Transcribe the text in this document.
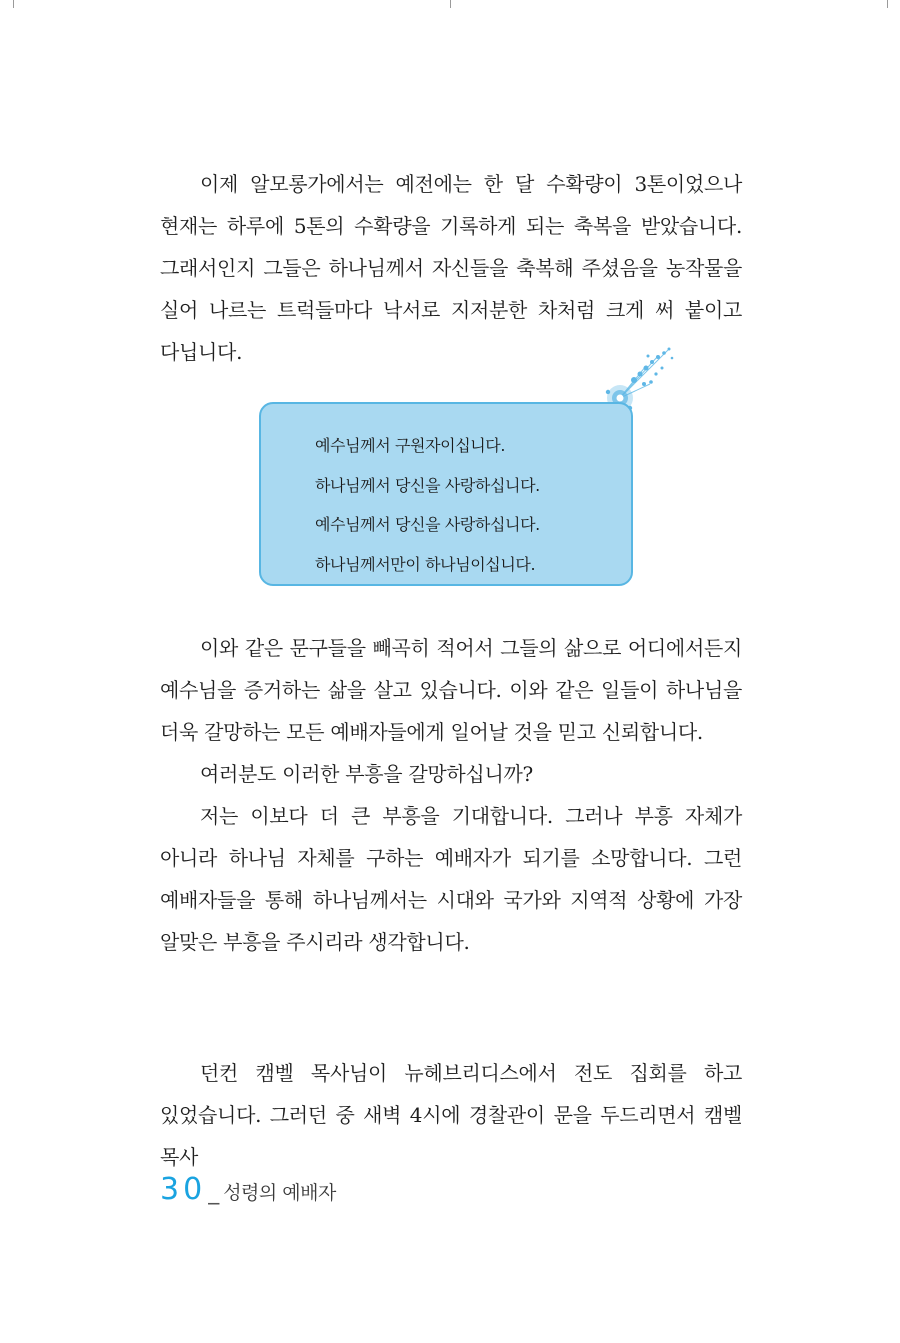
이제 알모롱가에서는 예전에는 한 달 수확량이 3톤이었으나 현재는 하루에 5톤의 수확량을 기록하게 되는 축복을 받았습니다. 그래서인지 그들은 하나님께서 자신들을 축복해 주셨음을 농작물을 실어 나르는 트럭들마다 낙서로 지저분한 차처럼 크게 써 붙이고 다닙니다.

예수님께서 구원자이십니다.
하나님께서 당신을 사랑하십니다.
예수님께서 당신을 사랑하십니다.
하나님께서만이 하나님이십니다.

이와 같은 문구들을 빼곡히 적어서 그들의 삶으로 어디에서든지 예수님을 증거하는 삶을 살고 있습니다. 이와 같은 일들이 하나님을 더욱 갈망하는 모든 예배자들에게 일어날 것을 믿고 신뢰합니다.

여러분도 이러한 부흥을 갈망하십니까?

저는 이보다 더 큰 부흥을 기대합니다. 그러나 부흥 자체가 아니라 하나님 자체를 구하는 예배자가 되기를 소망합니다. 그런 예배자들을 통해 하나님께서는 시대와 국가와 지역적 상황에 가장 알맞은 부흥을 주시리라 생각합니다.

던컨 캠벨 목사님이 뉴헤브리디스에서 전도 집회를 하고 있었습니다. 그러던 중 새벽 4시에 경찰관이 문을 두드리면서 캠벨 목사

30 _ 성령의 예배자
